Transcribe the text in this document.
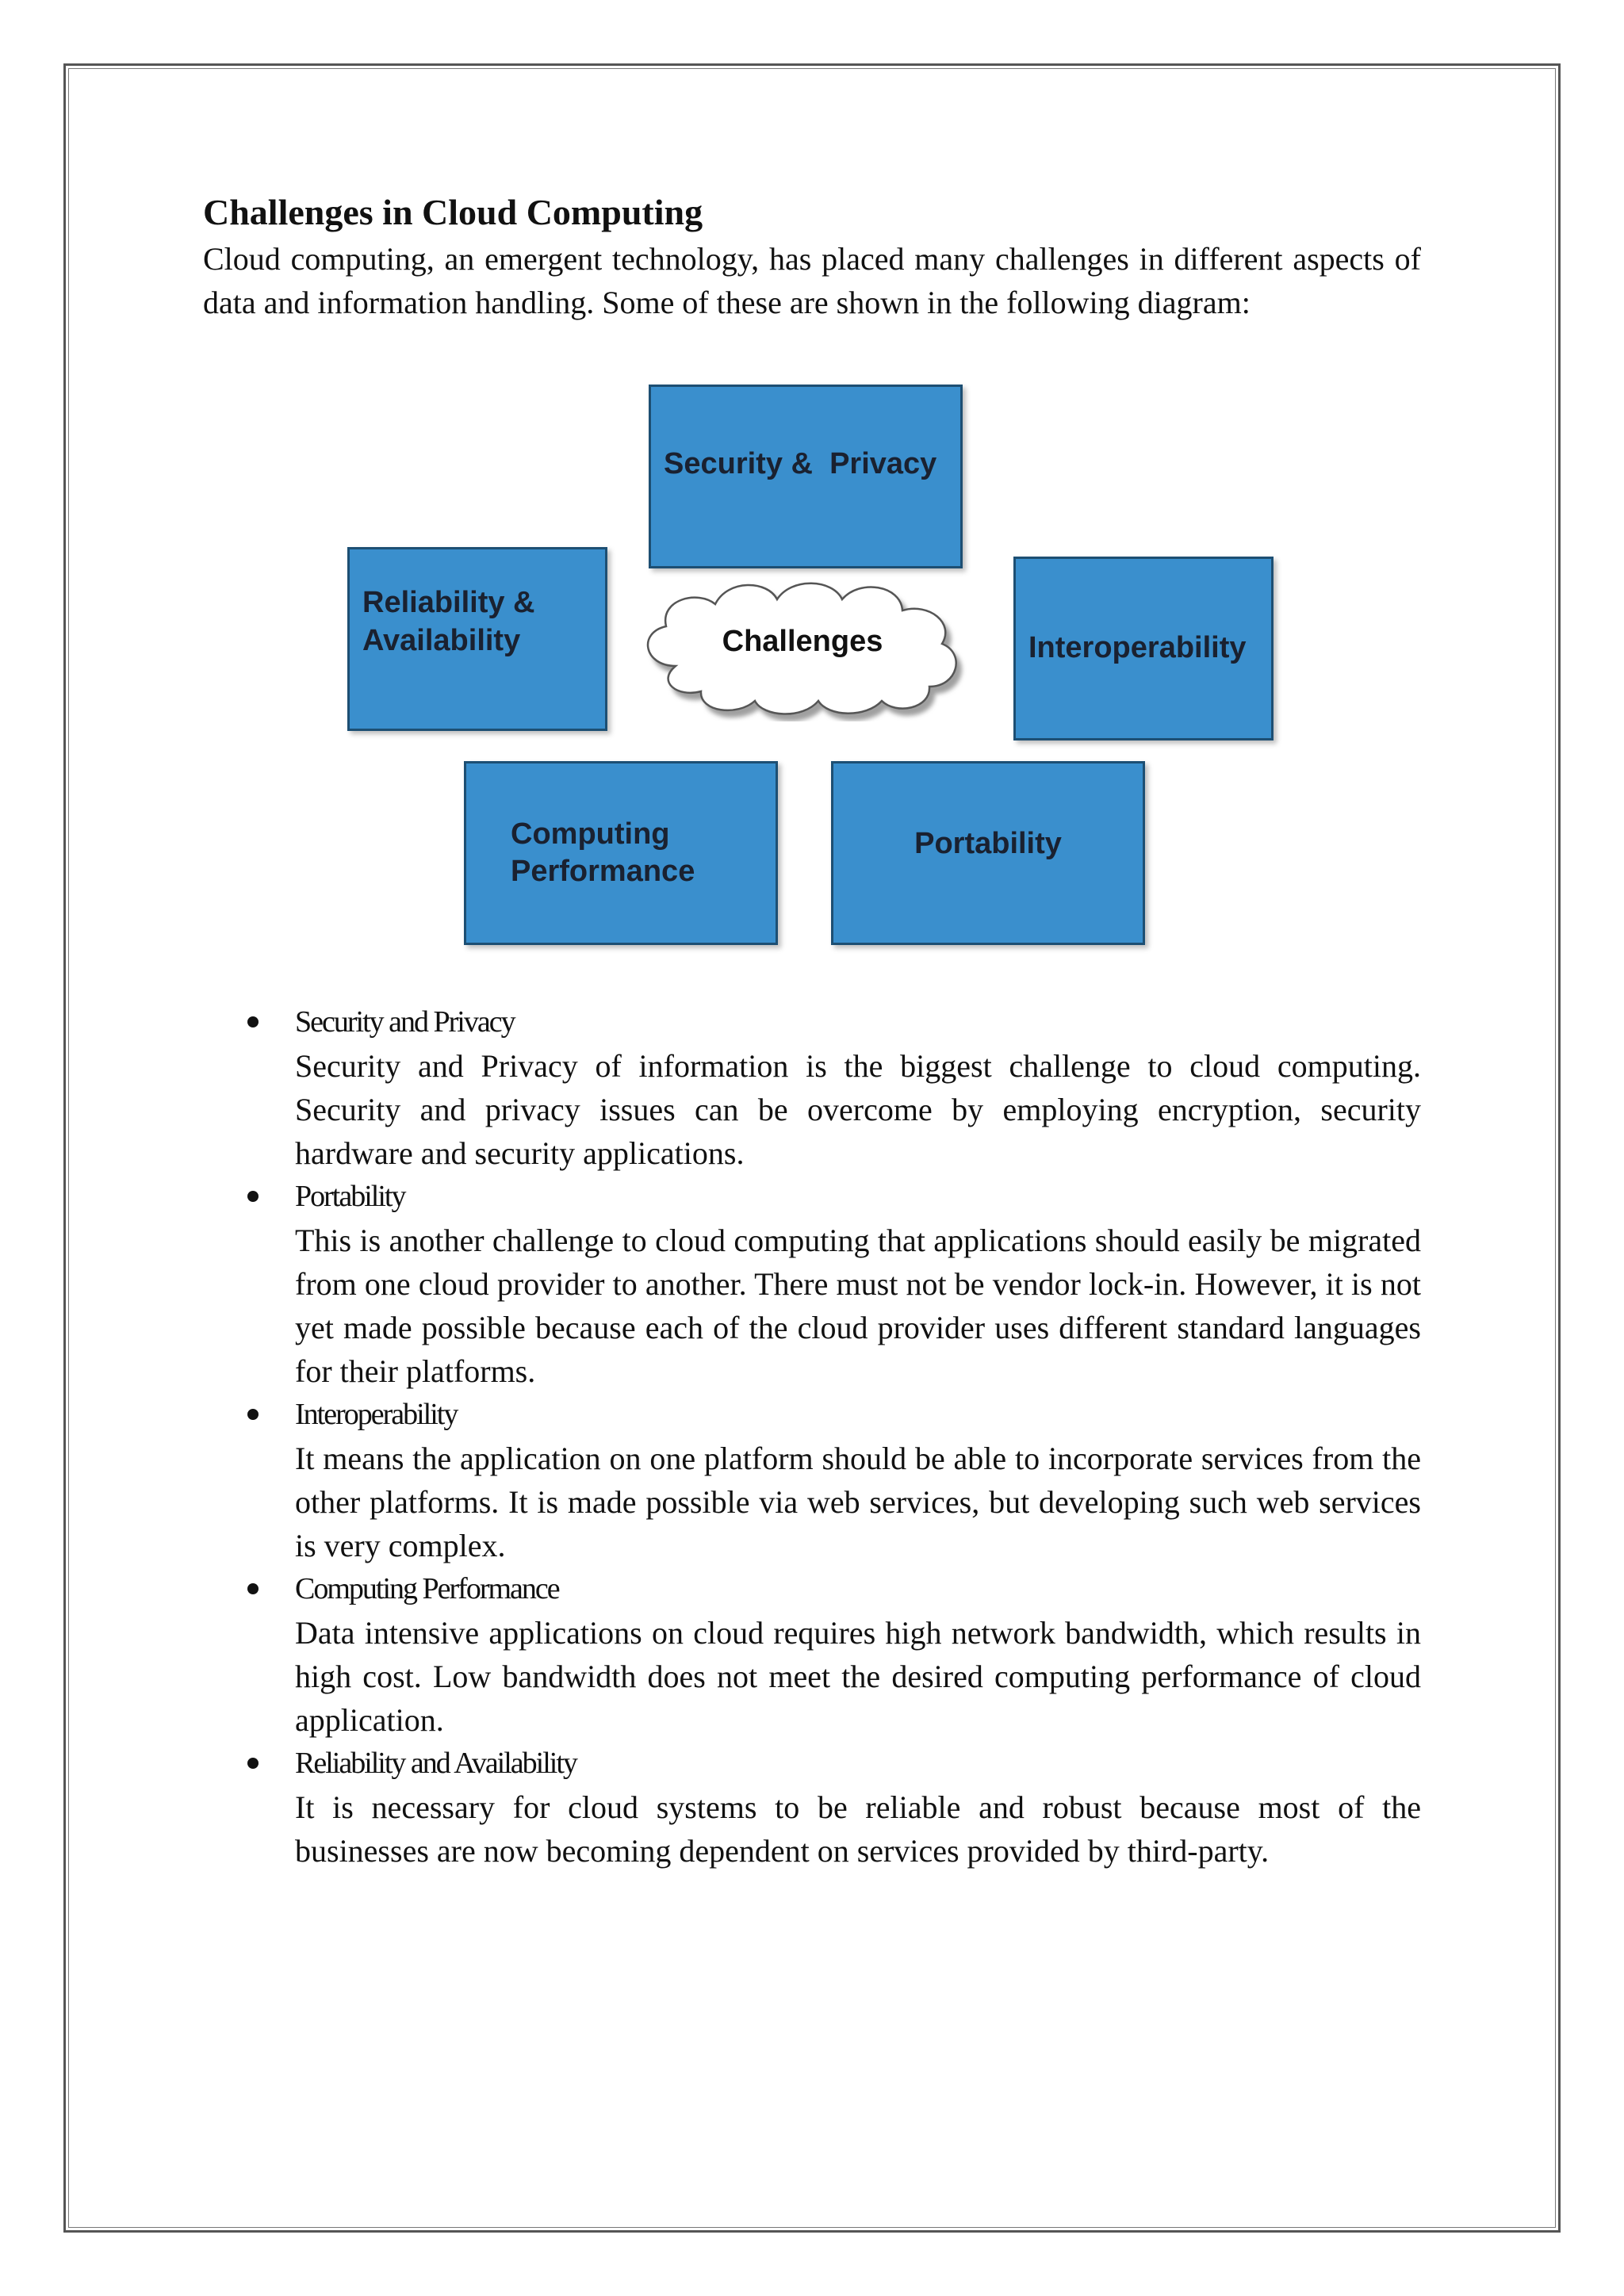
Challenges in Cloud Computing

Cloud computing, an emergent technology, has placed many challenges in different aspects of data and information handling. Some of these are shown in the following diagram:

Security &  Privacy
Reliability &
Availability	Interoperability
Computing
Performance
Portability
Challenges
Security and Privacy
Security and Privacy of information is the biggest challenge to cloud computing. Security and privacy issues can be overcome by employing encryption, security hardware and security applications.
Portability
This is another challenge to cloud computing that applications should easily be migrated from one cloud provider to another. There must not be vendor lock-in. However, it is not yet made possible because each of the cloud provider uses different standard languages for their platforms.
Interoperability
It means the application on one platform should be able to incorporate services from the other platforms. It is made possible via web services, but developing such web services is very complex.
Computing Performance
Data intensive applications on cloud requires high network bandwidth, which results in high cost. Low bandwidth does not meet the desired computing performance of cloud application.
Reliability and Availability
It is necessary for cloud systems to be reliable and robust because most of the businesses are now becoming dependent on services provided by third-party.
